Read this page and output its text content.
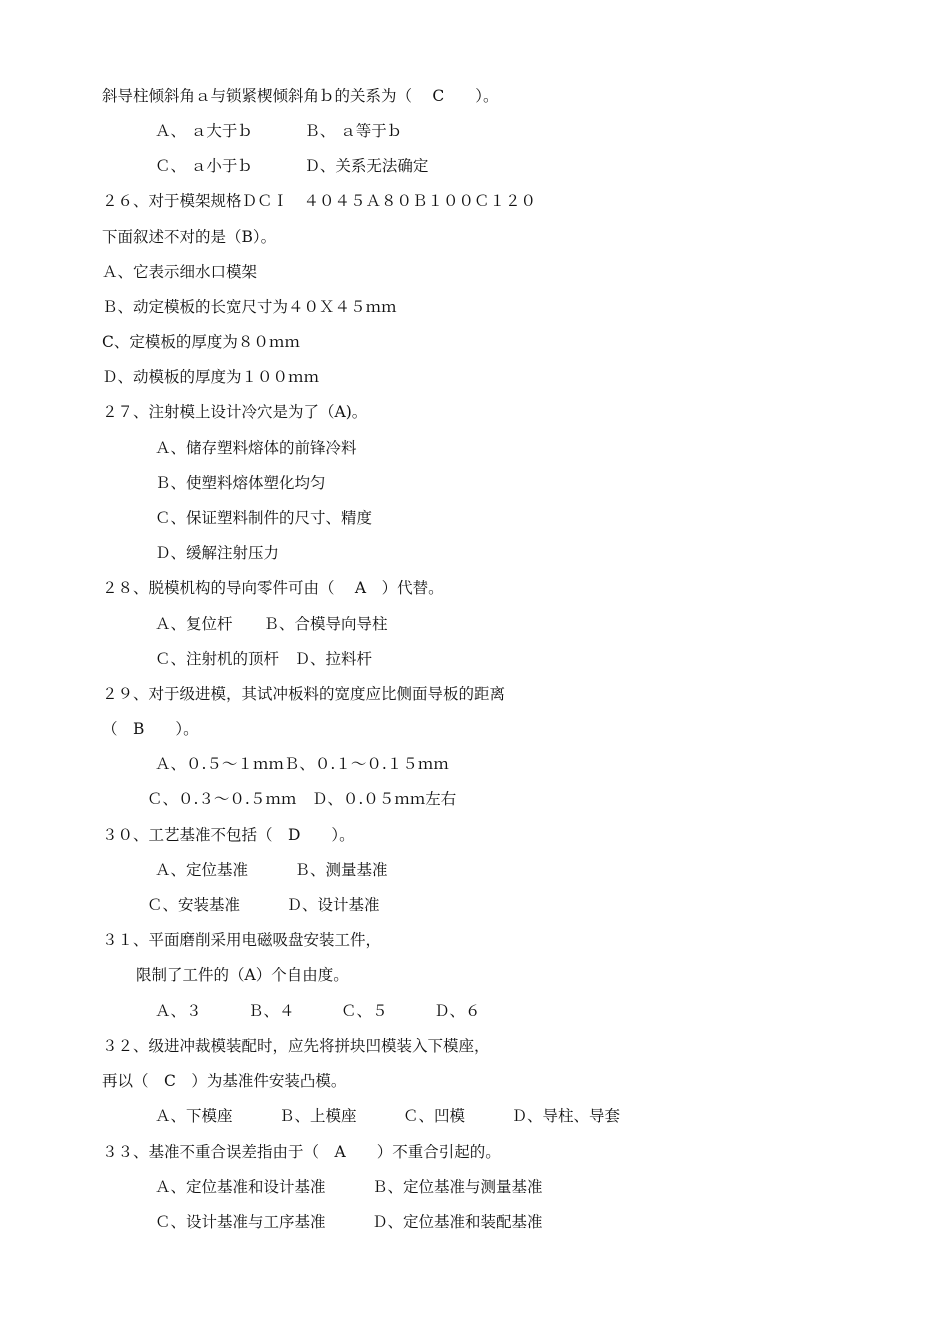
斜导柱倾斜角ａ与锁紧楔倾斜角ｂ的关系为（　 C　　）。
Ａ、 ａ大于ｂ　　　 Ｂ、 ａ等于ｂ
Ｃ、 ａ小于ｂ　　　 Ｄ、关系无法确定
２６、对于模架规格ＤＣＩ　４０４５Ａ８０Ｂ１００Ｃ１２０
下面叙述不对的是（B）。
Ａ、它表示细水口模架
Ｂ、动定模板的长宽尺寸为４０Ｘ４５ｍｍ
C、定模板的厚度为８０ｍｍ
Ｄ、动模板的厚度为１００ｍｍ
２７、注射模上设计冷穴是为了（A)。
Ａ、储存塑料熔体的前锋冷料
Ｂ、使塑料熔体塑化均匀
Ｃ、保证塑料制件的尺寸、精度
Ｄ、缓解注射压力
２８、脱模机构的导向零件可由（　 A　）代替。
Ａ、复位杆　　Ｂ、合模导向导柱
Ｃ、注射机的顶杆　Ｄ、拉料杆
２９、对于级进模，其试冲板料的宽度应比侧面导板的距离
（　B　　）。
Ａ、０.５～１ｍｍＢ、０.１～０.１５ｍｍ
Ｃ、０.３～０.５ｍｍ　Ｄ、０.０５ｍｍ左右
３０、工艺基准不包括（　D　　）。
Ａ、定位基准　　　Ｂ、测量基准
Ｃ、安装基准　　　Ｄ、设计基准
３１、平面磨削采用电磁吸盘安装工件，
限制了工件的（A）个自由度。
Ａ、３　　　Ｂ、４　　　Ｃ、５　　　Ｄ、６
３２、级进冲裁模装配时，应先将拼块凹模装入下模座，
再以（　C　）为基准件安装凸模。
Ａ、下模座　　　Ｂ、上模座　　　Ｃ、凹模　　　Ｄ、导柱、导套
３３、基准不重合误差指由于（　A　　）不重合引起的。
Ａ、定位基准和设计基准　　　Ｂ、定位基准与测量基准
Ｃ、设计基准与工序基准　　　Ｄ、定位基准和装配基准
